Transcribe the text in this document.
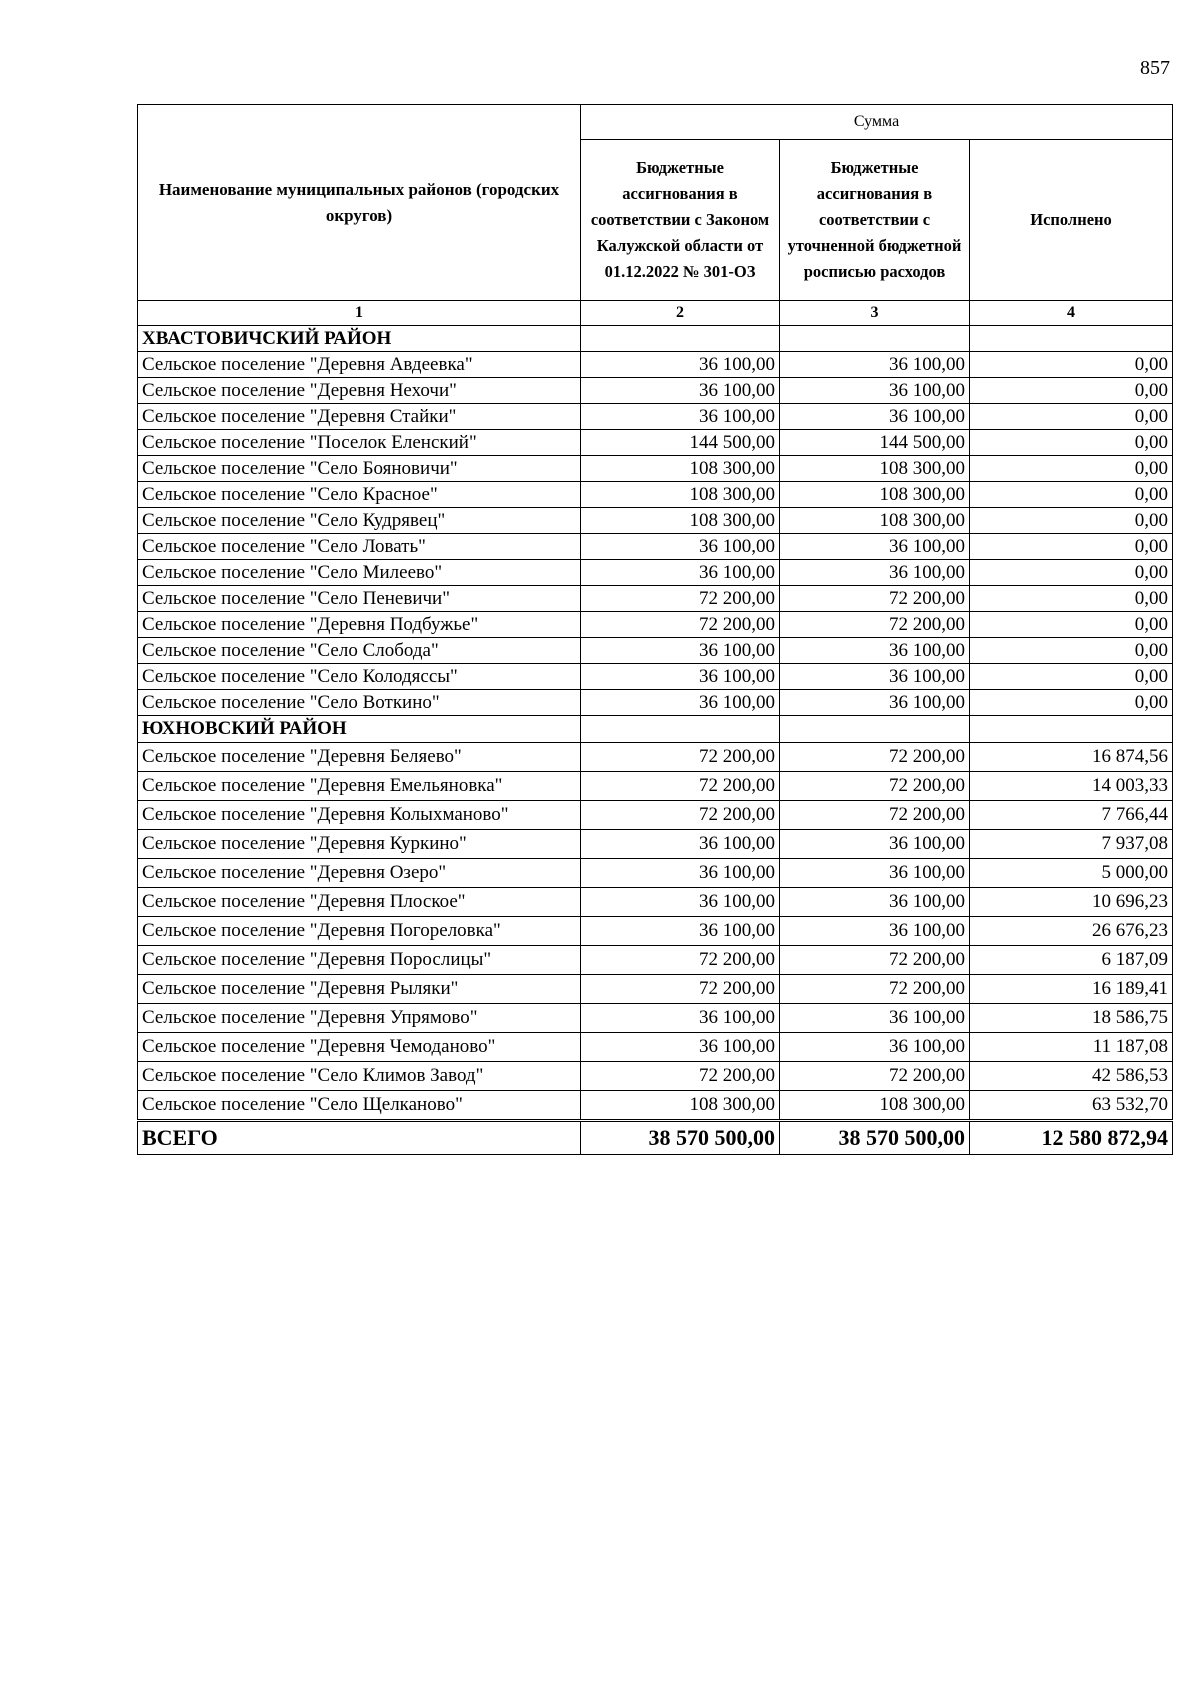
857
Наименование муниципальных районов (городских округов)	Сумма		
	Бюджетные ассигнования в соответствии с Законом Калужской области от 01.12.2022 № 301-ОЗ	Бюджетные ассигнования в соответствии с уточненной бюджетной росписью расходов	Исполнено
1	2	3	4
ХВАСТОВИЧСКИЙ РАЙОН			
Сельское поселение "Деревня Авдеевка"	36 100,00	36 100,00	0,00
Сельское поселение "Деревня Нехочи"	36 100,00	36 100,00	0,00
Сельское поселение "Деревня Стайки"	36 100,00	36 100,00	0,00
Сельское поселение "Поселок Еленский"	144 500,00	144 500,00	0,00
Сельское поселение "Село Бояновичи"	108 300,00	108 300,00	0,00
Сельское поселение "Село Красное"	108 300,00	108 300,00	0,00
Сельское поселение "Село Кудрявец"	108 300,00	108 300,00	0,00
Сельское поселение "Село Ловать"	36 100,00	36 100,00	0,00
Сельское поселение "Село Милеево"	36 100,00	36 100,00	0,00
Сельское поселение "Село Пеневичи"	72 200,00	72 200,00	0,00
Сельское поселение "Деревня Подбужье"	72 200,00	72 200,00	0,00
Сельское поселение "Село Слобода"	36 100,00	36 100,00	0,00
Сельское поселение "Село Колодяссы"	36 100,00	36 100,00	0,00
Сельское поселение "Село Воткино"	36 100,00	36 100,00	0,00
ЮХНОВСКИЙ РАЙОН			
Сельское поселение "Деревня Беляево"	72 200,00	72 200,00	16 874,56
Сельское поселение "Деревня Емельяновка"	72 200,00	72 200,00	14 003,33
Сельское поселение "Деревня Колыхманово"	72 200,00	72 200,00	7 766,44
Сельское поселение "Деревня Куркино"	36 100,00	36 100,00	7 937,08
Сельское поселение "Деревня Озеро"	36 100,00	36 100,00	5 000,00
Сельское поселение "Деревня Плоское"	36 100,00	36 100,00	10 696,23
Сельское поселение "Деревня Погореловка"	36 100,00	36 100,00	26 676,23
Сельское поселение "Деревня Порослицы"	72 200,00	72 200,00	6 187,09
Сельское поселение "Деревня Рыляки"	72 200,00	72 200,00	16 189,41
Сельское поселение "Деревня Упрямово"	36 100,00	36 100,00	18 586,75
Сельское поселение "Деревня Чемоданово"	36 100,00	36 100,00	11 187,08
Сельское поселение "Село Климов Завод"	72 200,00	72 200,00	42 586,53
Сельское поселение "Село Щелканово"	108 300,00	108 300,00	63 532,70
ВСЕГО	38 570 500,00	38 570 500,00	12 580 872,94
